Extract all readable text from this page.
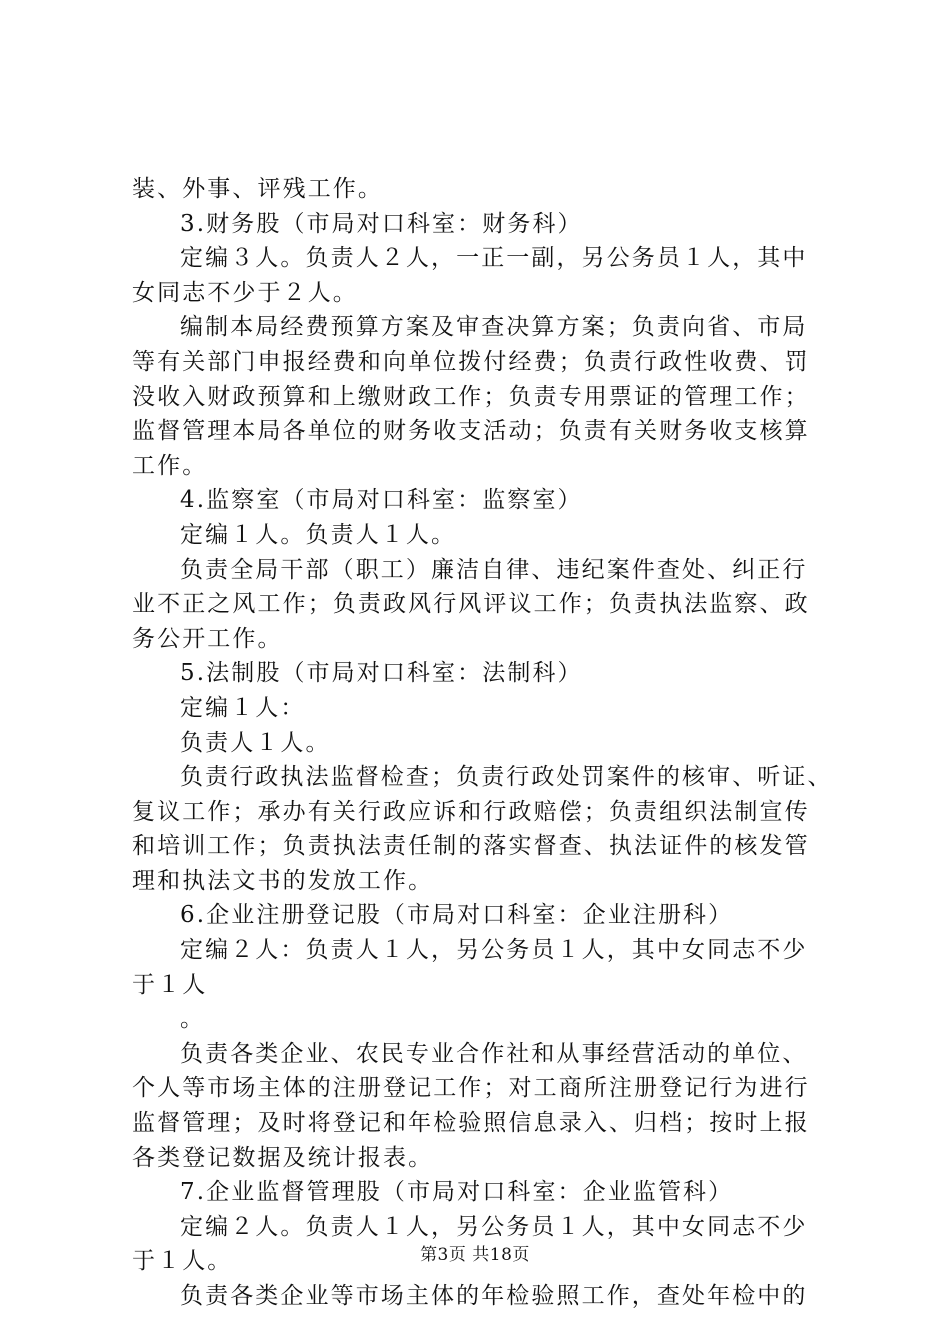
装、外事、评残工作。
3.财务股（市局对口科室：财务科）
定编３人。负责人２人，一正一副，另公务员１人，其中
女同志不少于２人。
编制本局经费预算方案及审查决算方案；负责向省、市局
等有关部门申报经费和向单位拨付经费；负责行政性收费、罚
没收入财政预算和上缴财政工作；负责专用票证的管理工作；
监督管理本局各单位的财务收支活动；负责有关财务收支核算
工作。
4.监察室（市局对口科室：监察室）
定编１人。负责人１人。
负责全局干部（职工）廉洁自律、违纪案件查处、纠正行
业不正之风工作；负责政风行风评议工作；负责执法监察、政
务公开工作。
5.法制股（市局对口科室：法制科）
定编１人：
负责人１人。
负责行政执法监督检查；负责行政处罚案件的核审、听证、
复议工作；承办有关行政应诉和行政赔偿；负责组织法制宣传
和培训工作；负责执法责任制的落实督查、执法证件的核发管
理和执法文书的发放工作。
6.企业注册登记股（市局对口科室：企业注册科）
定编２人：负责人１人，另公务员１人，其中女同志不少
于１人
。
负责各类企业、农民专业合作社和从事经营活动的单位、
个人等市场主体的注册登记工作；对工商所注册登记行为进行
监督管理；及时将登记和年检验照信息录入、归档；按时上报
各类登记数据及统计报表。
7.企业监督管理股（市局对口科室：企业监管科）
定编２人。负责人１人，另公务员１人，其中女同志不少
于１人。
负责各类企业等市场主体的年检验照工作，查处年检中的
第3页 共18页
